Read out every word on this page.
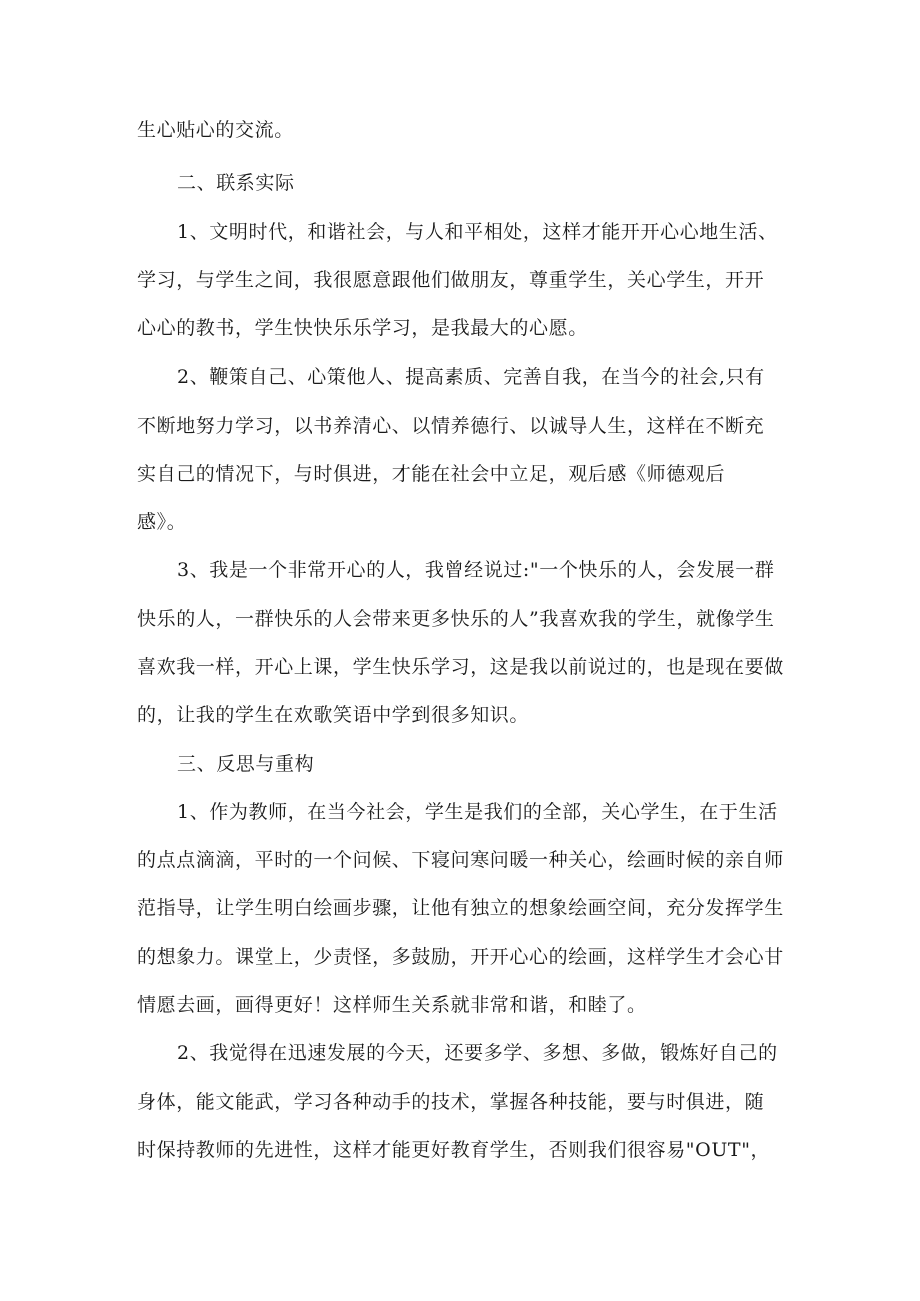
生心贴心的交流。

二、联系实际

1、文明时代，和谐社会，与人和平相处，这样才能开开心心地生活、

学习，与学生之间，我很愿意跟他们做朋友，尊重学生，关心学生，开开

心心的教书，学生快快乐乐学习，是我最大的心愿。

2、鞭策自己、心策他人、提高素质、完善自我，在当今的社会,只有

不断地努力学习，以书养清心、以情养德行、以诚导人生，这样在不断充

实自己的情况下，与时俱进，才能在社会中立足，观后感《师德观后

感》。

3、我是一个非常开心的人，我曾经说过:"一个快乐的人，会发展一群

快乐的人，一群快乐的人会带来更多快乐的人”我喜欢我的学生，就像学生

喜欢我一样，开心上课，学生快乐学习，这是我以前说过的，也是现在要做

的，让我的学生在欢歌笑语中学到很多知识。

三、反思与重构

1、作为教师，在当今社会，学生是我们的全部，关心学生，在于生活

的点点滴滴，平时的一个问候、下寝问寒问暖一种关心，绘画时候的亲自师

范指导，让学生明白绘画步骤，让他有独立的想象绘画空间，充分发挥学生

的想象力。课堂上，少责怪，多鼓励，开开心心的绘画，这样学生才会心甘

情愿去画，画得更好！这样师生关系就非常和谐，和睦了。

2、我觉得在迅速发展的今天，还要多学、多想、多做，锻炼好自己的

身体，能文能武，学习各种动手的技术，掌握各种技能，要与时俱进，随

时保持教师的先进性，这样才能更好教育学生，否则我们很容易"OUT"，
